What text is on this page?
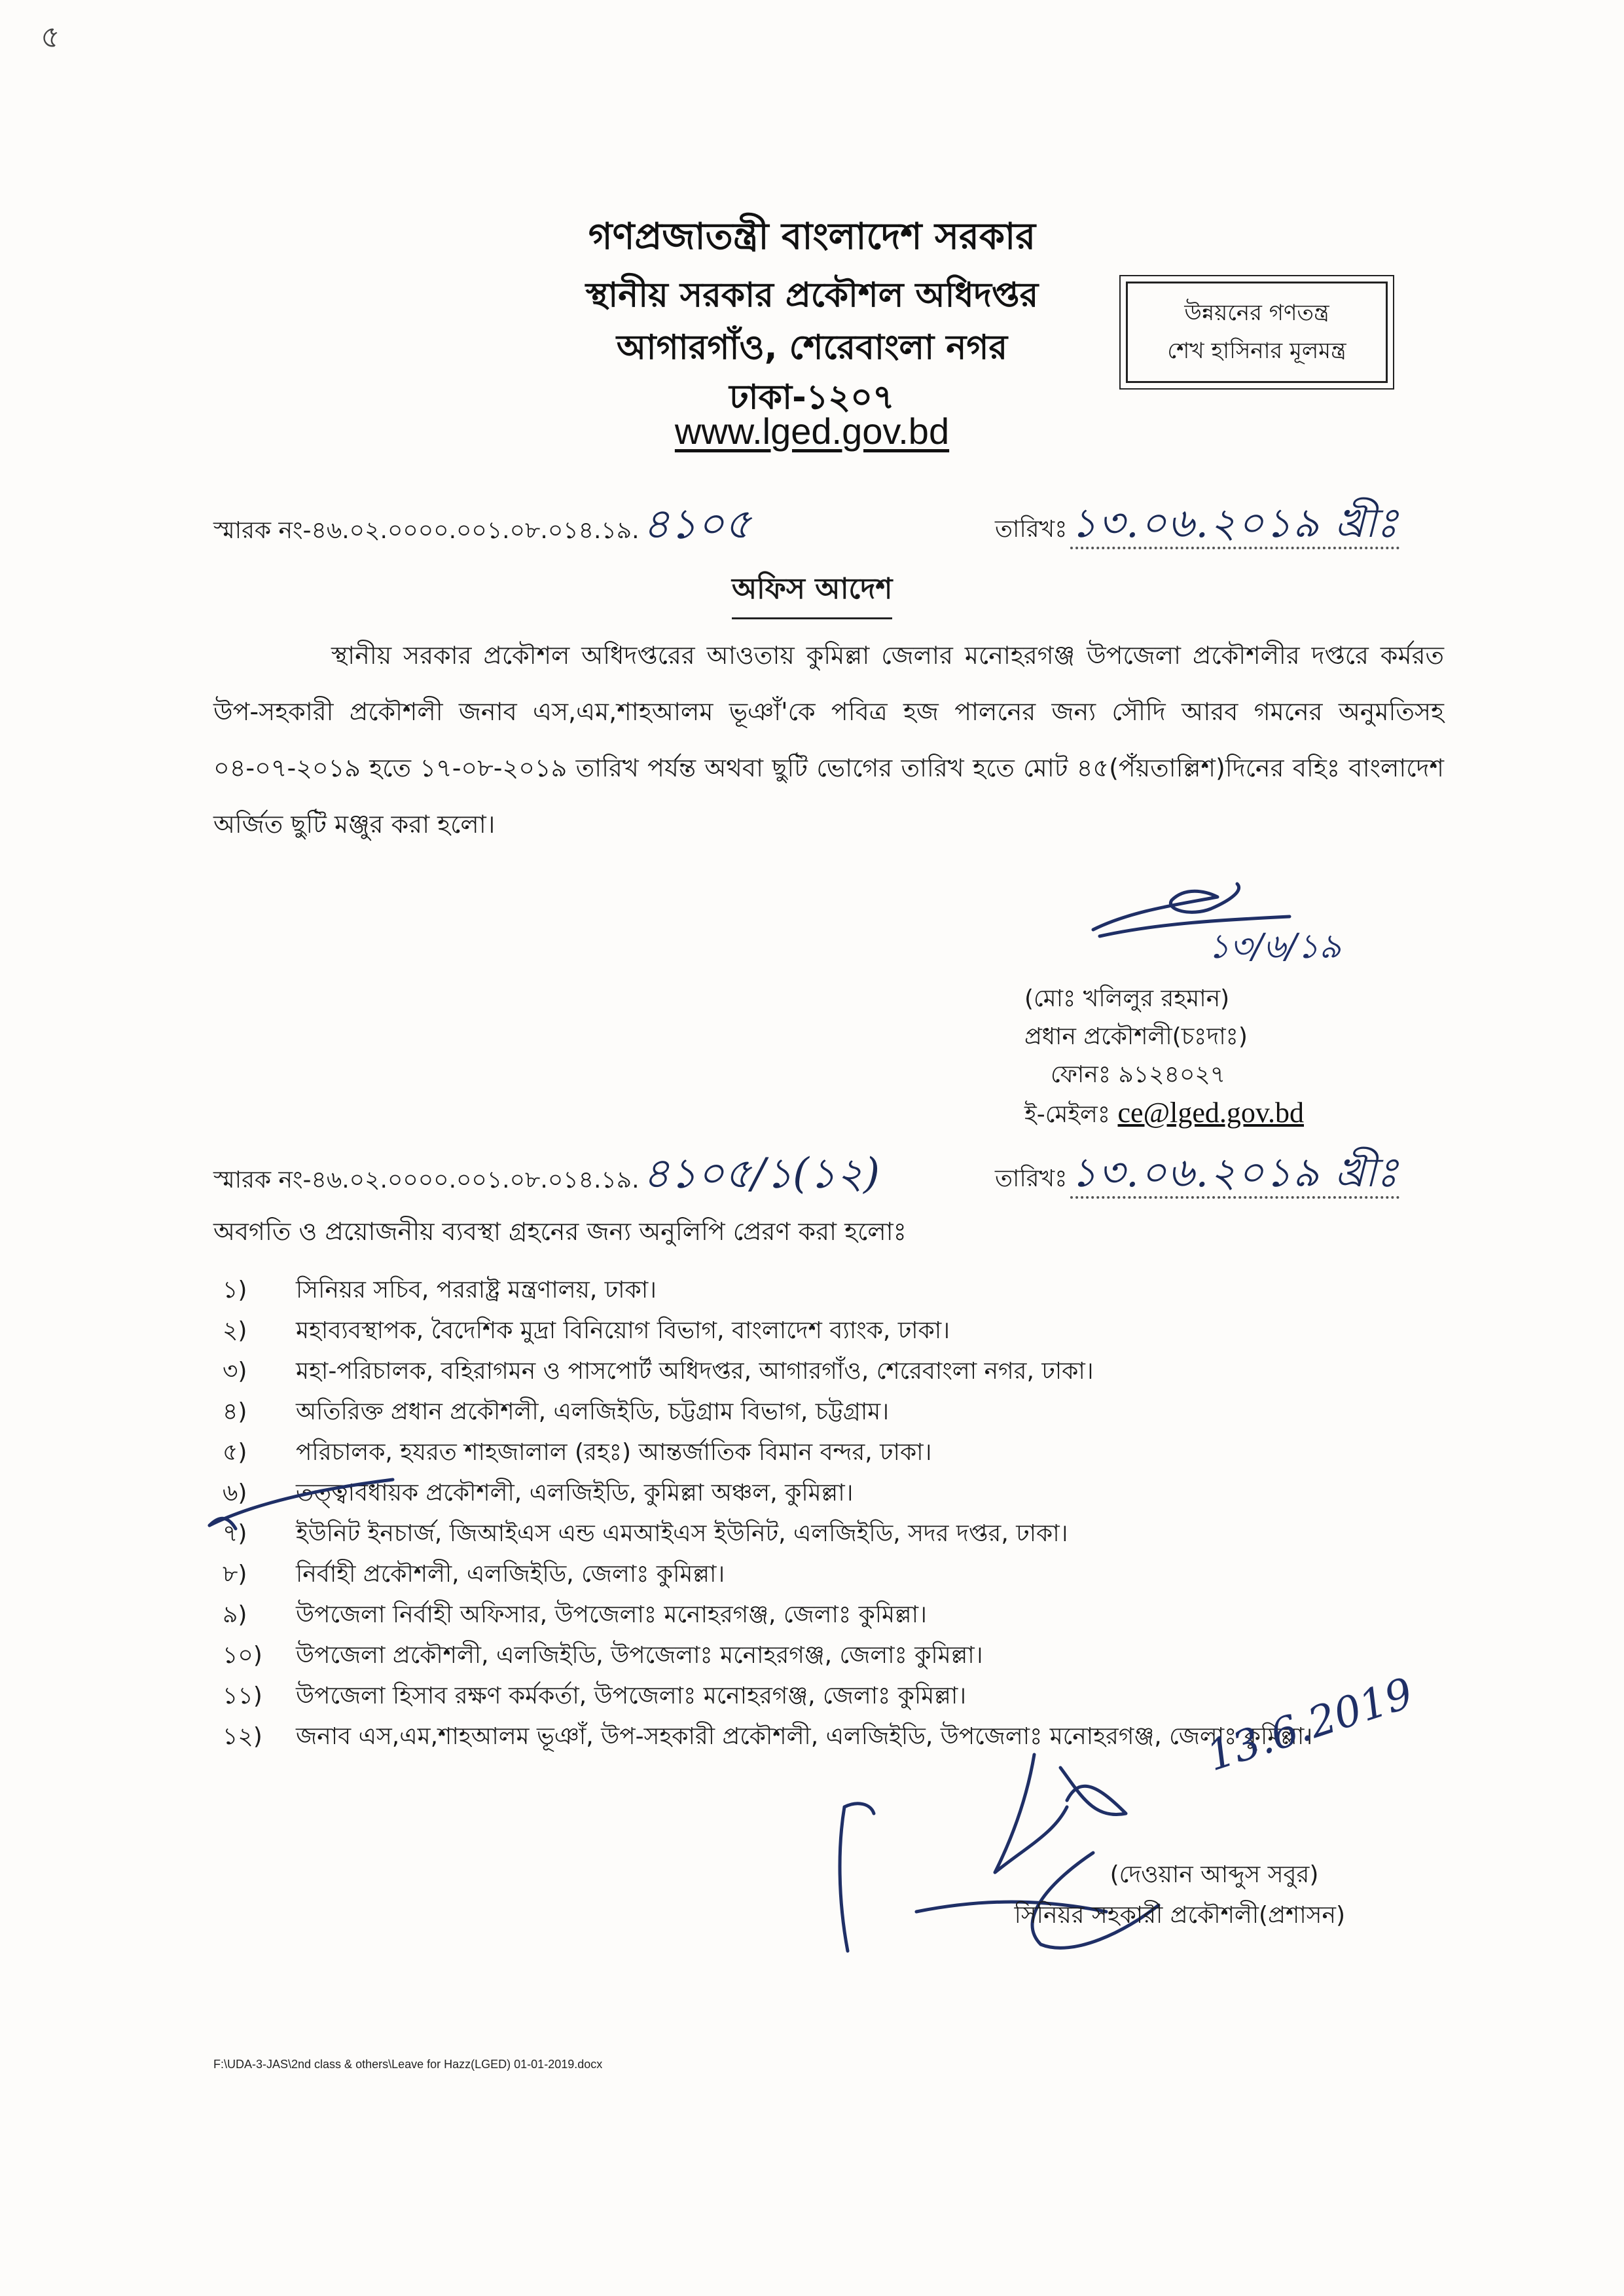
৫
গণপ্রজাতন্ত্রী বাংলাদেশ সরকার
স্থানীয় সরকার প্রকৌশল অধিদপ্তর
আগারগাঁও, শেরেবাংলা নগর
ঢাকা-১২০৭
www.lged.gov.bd
উন্নয়নের গণতন্ত্র
শেখ হাসিনার মূলমন্ত্র
স্মারক নং-৪৬.০২.০০০০.০০১.০৮.০১৪.১৯. ৪১০৫	তারিখঃ ১৩.০৬.২০১৯ খ্রীঃ
অফিস আদেশ
স্থানীয় সরকার প্রকৌশল অধিদপ্তরের আওতায় কুমিল্লা জেলার মনোহরগঞ্জ উপজেলা প্রকৌশলীর দপ্তরে কর্মরত উপ-সহকারী প্রকৌশলী জনাব এস,এম,শাহআলম ভূঞাঁ'কে পবিত্র হজ পালনের জন্য সৌদি আরব গমনের অনুমতিসহ ০৪-০৭-২০১৯ হতে ১৭-০৮-২০১৯ তারিখ পর্যন্ত অথবা ছুটি ভোগের তারিখ হতে মোট ৪৫(পঁয়তাল্লিশ)দিনের বহিঃ বাংলাদেশ অর্জিত ছুটি মঞ্জুর করা হলো।
১৩/৬/১৯
(মোঃ খলিলুর রহমান)
প্রধান প্রকৌশলী(চঃদাঃ)
ফোনঃ ৯১২৪০২৭
ই-মেইলঃ ce@lged.gov.bd
স্মারক নং-৪৬.০২.০০০০.০০১.০৮.০১৪.১৯. ৪১০৫/১(১২)	তারিখঃ ১৩.০৬.২০১৯ খ্রীঃ
অবগতি ও প্রয়োজনীয় ব্যবস্থা গ্রহনের জন্য অনুলিপি প্রেরণ করা হলোঃ
১)	সিনিয়র সচিব, পররাষ্ট্র মন্ত্রণালয়, ঢাকা।
২)	মহাব্যবস্থাপক, বৈদেশিক মুদ্রা বিনিয়োগ বিভাগ, বাংলাদেশ ব্যাংক, ঢাকা।
৩)	মহা-পরিচালক, বহিরাগমন ও পাসপোর্ট অধিদপ্তর, আগারগাঁও, শেরেবাংলা নগর, ঢাকা।
৪)	অতিরিক্ত প্রধান প্রকৌশলী, এলজিইডি, চট্টগ্রাম বিভাগ, চট্টগ্রাম।
৫)	পরিচালক, হযরত শাহজালাল (রহঃ) আন্তর্জাতিক বিমান বন্দর, ঢাকা।
৬)	তত্ত্বাবধায়ক প্রকৌশলী, এলজিইডি, কুমিল্লা অঞ্চল, কুমিল্লা।
৭)	ইউনিট ইনচার্জ, জিআইএস এন্ড এমআইএস ইউনিট, এলজিইডি, সদর দপ্তর, ঢাকা।
৮)	নির্বাহী প্রকৌশলী, এলজিইডি, জেলাঃ কুমিল্লা।
৯)	উপজেলা নির্বাহী অফিসার, উপজেলাঃ মনোহরগঞ্জ, জেলাঃ কুমিল্লা।
১০)	উপজেলা প্রকৌশলী, এলজিইডি, উপজেলাঃ মনোহরগঞ্জ, জেলাঃ কুমিল্লা।
১১)	উপজেলা হিসাব রক্ষণ কর্মকর্তা, উপজেলাঃ মনোহরগঞ্জ, জেলাঃ কুমিল্লা।
১২)	জনাব এস,এম,শাহআলম ভূঞাঁ, উপ-সহকারী প্রকৌশলী, এলজিইডি, উপজেলাঃ মনোহরগঞ্জ, জেলাঃ কুমিল্লা।
13.6.2019
(দেওয়ান আব্দুস সবুর)
সিনিয়র সহকারী প্রকৌশলী(প্রশাসন)
F:\UDA-3-JAS\2nd class & others\Leave for Hazz(LGED) 01-01-2019.docx
